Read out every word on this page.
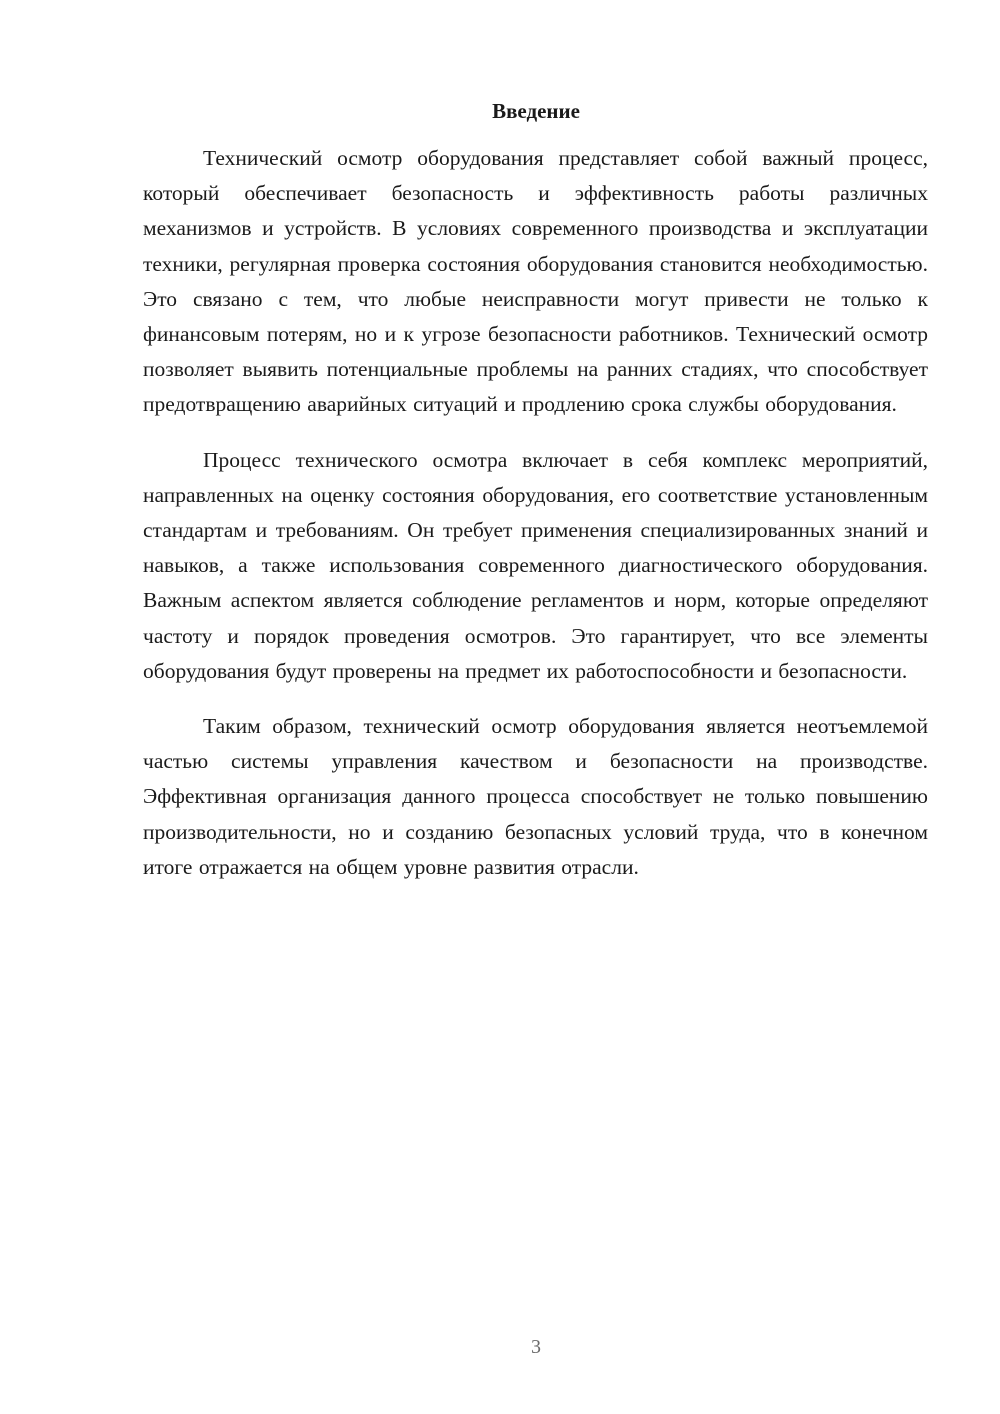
Введение

Технический осмотр оборудования представляет собой важный процесс, который обеспечивает безопасность и эффективность работы различных механизмов и устройств. В условиях современного производства и эксплуатации техники, регулярная проверка состояния оборудования становится необходимостью. Это связано с тем, что любые неисправности могут привести не только к финансовым потерям, но и к угрозе безопасности работников. Технический осмотр позволяет выявить потенциальные проблемы на ранних стадиях, что способствует предотвращению аварийных ситуаций и продлению срока службы оборудования.

Процесс технического осмотра включает в себя комплекс мероприятий, направленных на оценку состояния оборудования, его соответствие установленным стандартам и требованиям. Он требует применения специализированных знаний и навыков, а также использования современного диагностического оборудования. Важным аспектом является соблюдение регламентов и норм, которые определяют частоту и порядок проведения осмотров. Это гарантирует, что все элементы оборудования будут проверены на предмет их работоспособности и безопасности.

Таким образом, технический осмотр оборудования является неотъемлемой частью системы управления качеством и безопасности на производстве. Эффективная организация данного процесса способствует не только повышению производительности, но и созданию безопасных условий труда, что в конечном итоге отражается на общем уровне развития отрасли.

3
